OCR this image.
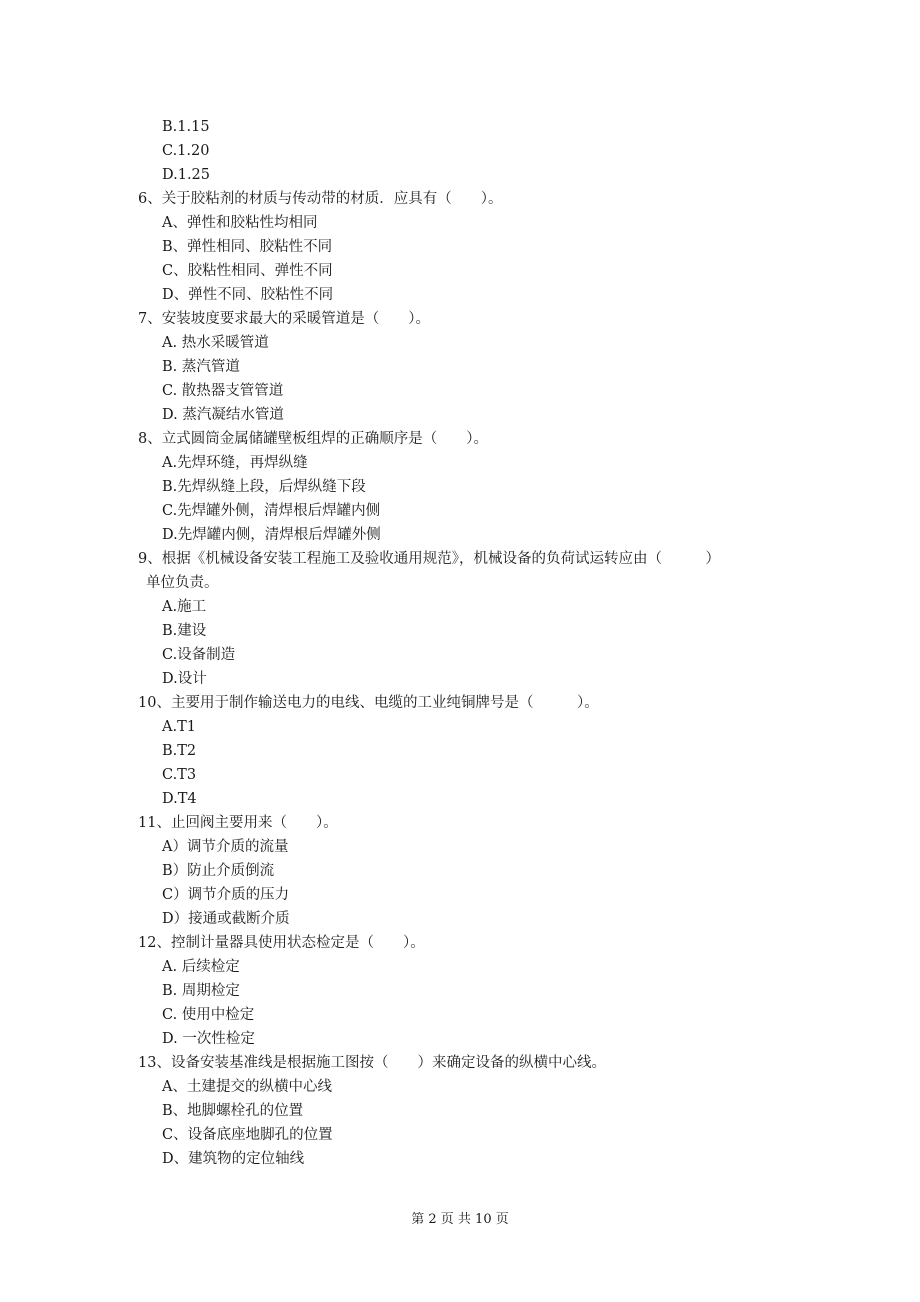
第 2 页 共 10 页
B.1.15
C.1.20
D.1.25
6、关于胶粘剂的材质与传动带的材质．应具有（　　）。
A、弹性和胶粘性均相同
B、弹性相同、胶粘性不同
C、胶粘性相同、弹性不同
D、弹性不同、胶粘性不同
7、安装坡度要求最大的采暖管道是（　　）。
A. 热水采暖管道
B. 蒸汽管道
C. 散热器支管管道
D. 蒸汽凝结水管道
8、立式圆筒金属储罐壁板组焊的正确顺序是（　　）。
A.先焊环缝，再焊纵缝
B.先焊纵缝上段，后焊纵缝下段
C.先焊罐外侧，清焊根后焊罐内侧
D.先焊罐内侧，清焊根后焊罐外侧
9、根据《机械设备安装工程施工及验收通用规范》，机械设备的负荷试运转应由（　　　）
单位负责。
A.施工
B.建设
C.设备制造
D.设计
10、主要用于制作输送电力的电线、电缆的工业纯铜牌号是（　　　）。
A.T1
B.T2
C.T3
D.T4
11、止回阀主要用来（　　）。
A）调节介质的流量
B）防止介质倒流
C）调节介质的压力
D）接通或截断介质
12、控制计量器具使用状态检定是（　　）。
A. 后续检定
B. 周期检定
C. 使用中检定
D. 一次性检定
13、设备安装基准线是根据施工图按（　　）来确定设备的纵横中心线。
A、土建提交的纵横中心线
B、地脚螺栓孔的位置
C、设备底座地脚孔的位置
D、建筑物的定位轴线
